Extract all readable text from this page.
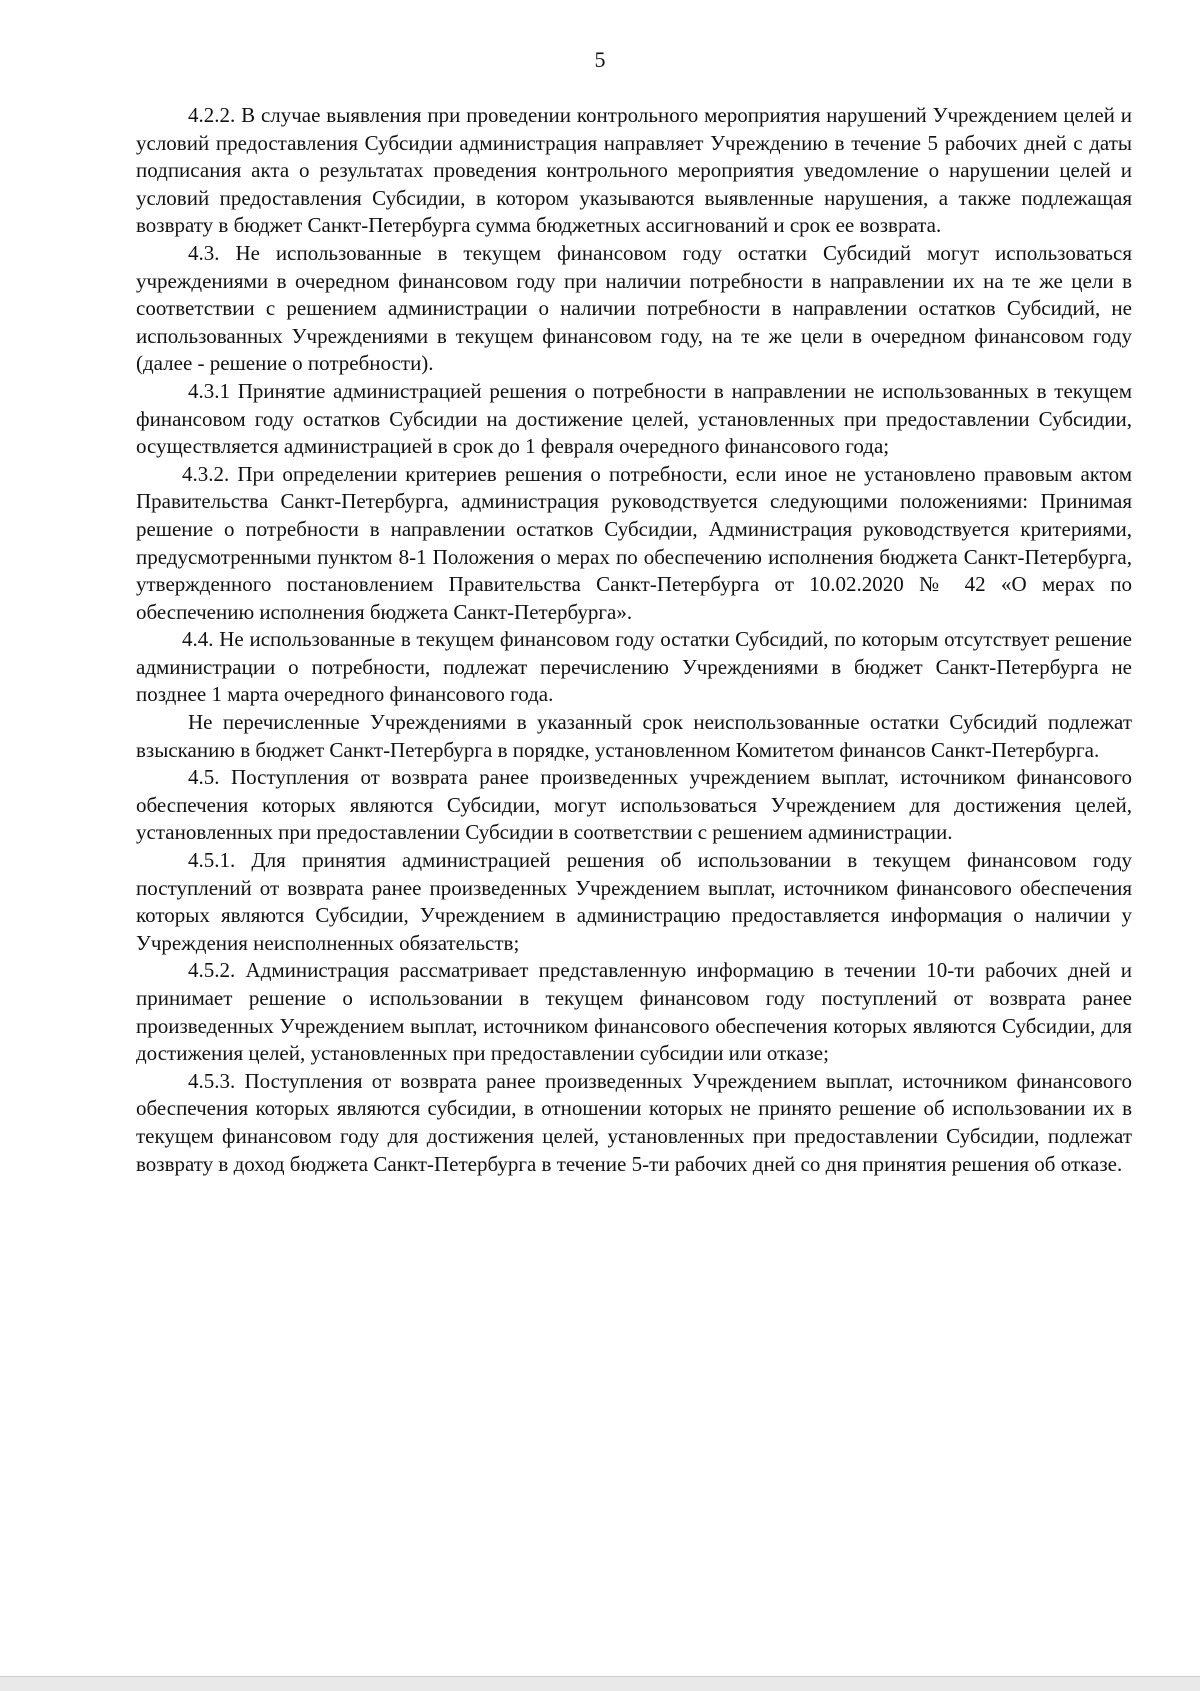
5

4.2.2. В случае выявления при проведении контрольного мероприятия нарушений Учреждением целей и условий предоставления Субсидии администрация направляет Учреждению в течение 5 рабочих дней с даты подписания акта о результатах проведения контрольного мероприятия уведомление о нарушении целей и условий предоставления Субсидии, в котором указываются выявленные нарушения, а также подлежащая возврату в бюджет Санкт-Петербурга сумма бюджетных ассигнований и срок ее возврата.

4.3. Не использованные в текущем финансовом году остатки Субсидий могут использоваться учреждениями в очередном финансовом году при наличии потребности в направлении их на те же цели в соответствии с решением администрации о наличии потребности в направлении остатков Субсидий, не использованных Учреждениями в текущем финансовом году, на те же цели в очередном финансовом году (далее - решение о потребности).

4.3.1 Принятие администрацией решения о потребности в направлении не использованных в текущем финансовом году остатков Субсидии на достижение целей, установленных при предоставлении Субсидии, осуществляется администрацией в срок до 1 февраля очередного финансового года;

4.3.2. При определении критериев решения о потребности, если иное не установлено правовым актом Правительства Санкт-Петербурга, администрация руководствуется следующими положениями: Принимая решение о потребности в направлении остатков Субсидии, Администрация руководствуется критериями, предусмотренными пунктом 8-1 Положения о мерах по обеспечению исполнения бюджета Санкт-Петербурга, утвержденного постановлением Правительства Санкт-Петербурга от 10.02.2020 № 42 «О мерах по обеспечению исполнения бюджета Санкт-Петербурга».

4.4. Не использованные в текущем финансовом году остатки Субсидий, по которым отсутствует решение администрации о потребности, подлежат перечислению Учреждениями в бюджет Санкт-Петербурга не позднее 1 марта очередного финансового года.

Не перечисленные Учреждениями в указанный срок неиспользованные остатки Субсидий подлежат взысканию в бюджет Санкт-Петербурга в порядке, установленном Комитетом финансов Санкт-Петербурга.

4.5. Поступления от возврата ранее произведенных учреждением выплат, источником финансового обеспечения которых являются Субсидии, могут использоваться Учреждением для достижения целей, установленных при предоставлении Субсидии в соответствии с решением администрации.

4.5.1. Для принятия администрацией решения об использовании в текущем финансовом году поступлений от возврата ранее произведенных Учреждением выплат, источником финансового обеспечения которых являются Субсидии, Учреждением в администрацию предоставляется информация о наличии у Учреждения неисполненных обязательств;

4.5.2. Администрация рассматривает представленную информацию в течении 10-ти рабочих дней и принимает решение о использовании в текущем финансовом году поступлений от возврата ранее произведенных Учреждением выплат, источником финансового обеспечения которых являются Субсидии, для достижения целей, установленных при предоставлении субсидии или отказе;

4.5.3. Поступления от возврата ранее произведенных Учреждением выплат, источником финансового обеспечения которых являются субсидии, в отношении которых не принято решение об использовании их в текущем финансовом году для достижения целей, установленных при предоставлении Субсидии, подлежат возврату в доход бюджета Санкт-Петербурга в течение 5-ти рабочих дней со дня принятия решения об отказе.
